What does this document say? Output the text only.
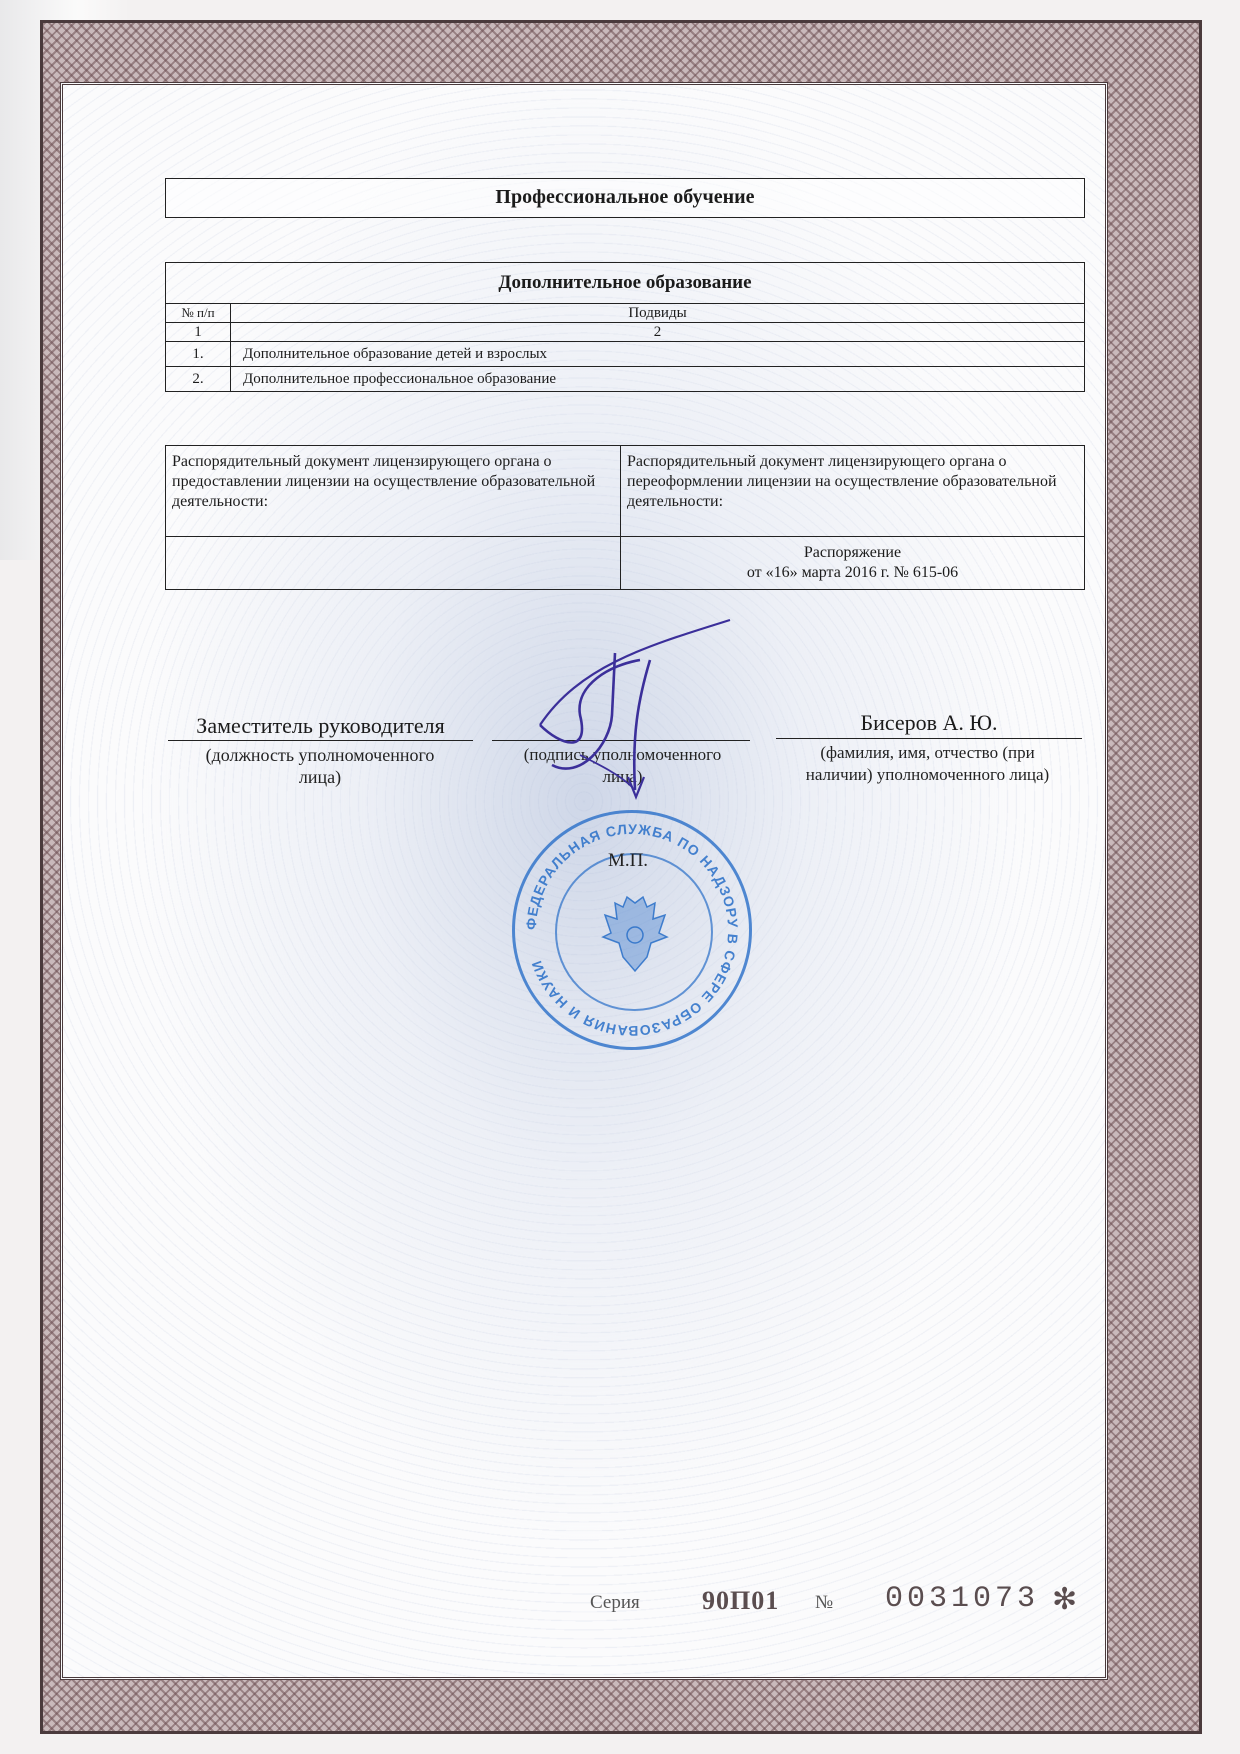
Профессиональное обучение
Дополнительное образование	
№ п/п	Подвиды
1	2
1.	Дополнительное образование детей и взрослых
2.	Дополнительное профессиональное образование
Распорядительный документ лицензирующего органа о предоставлении лицензии на осуществление образовательной деятельности:	Распорядительный документ лицензирующего органа о переоформлении лицензии на осуществление образовательной деятельности:

	Распоряжение
от «16» марта 2016 г. № 615-06
Заместитель руководителя
(должность уполномоченного лица)
(подпись уполномоченного лица)
Бисеров А. Ю.
(фамилия, имя, отчество (при наличии) уполномоченного лица)
ФЕДЕРАЛЬНАЯ СЛУЖБА ПО НАДЗОРУ В СФЕРЕ ОБРАЗОВАНИЯ И НАУКИ
М.П.
Серия 90П01 № 0031073 ✻
